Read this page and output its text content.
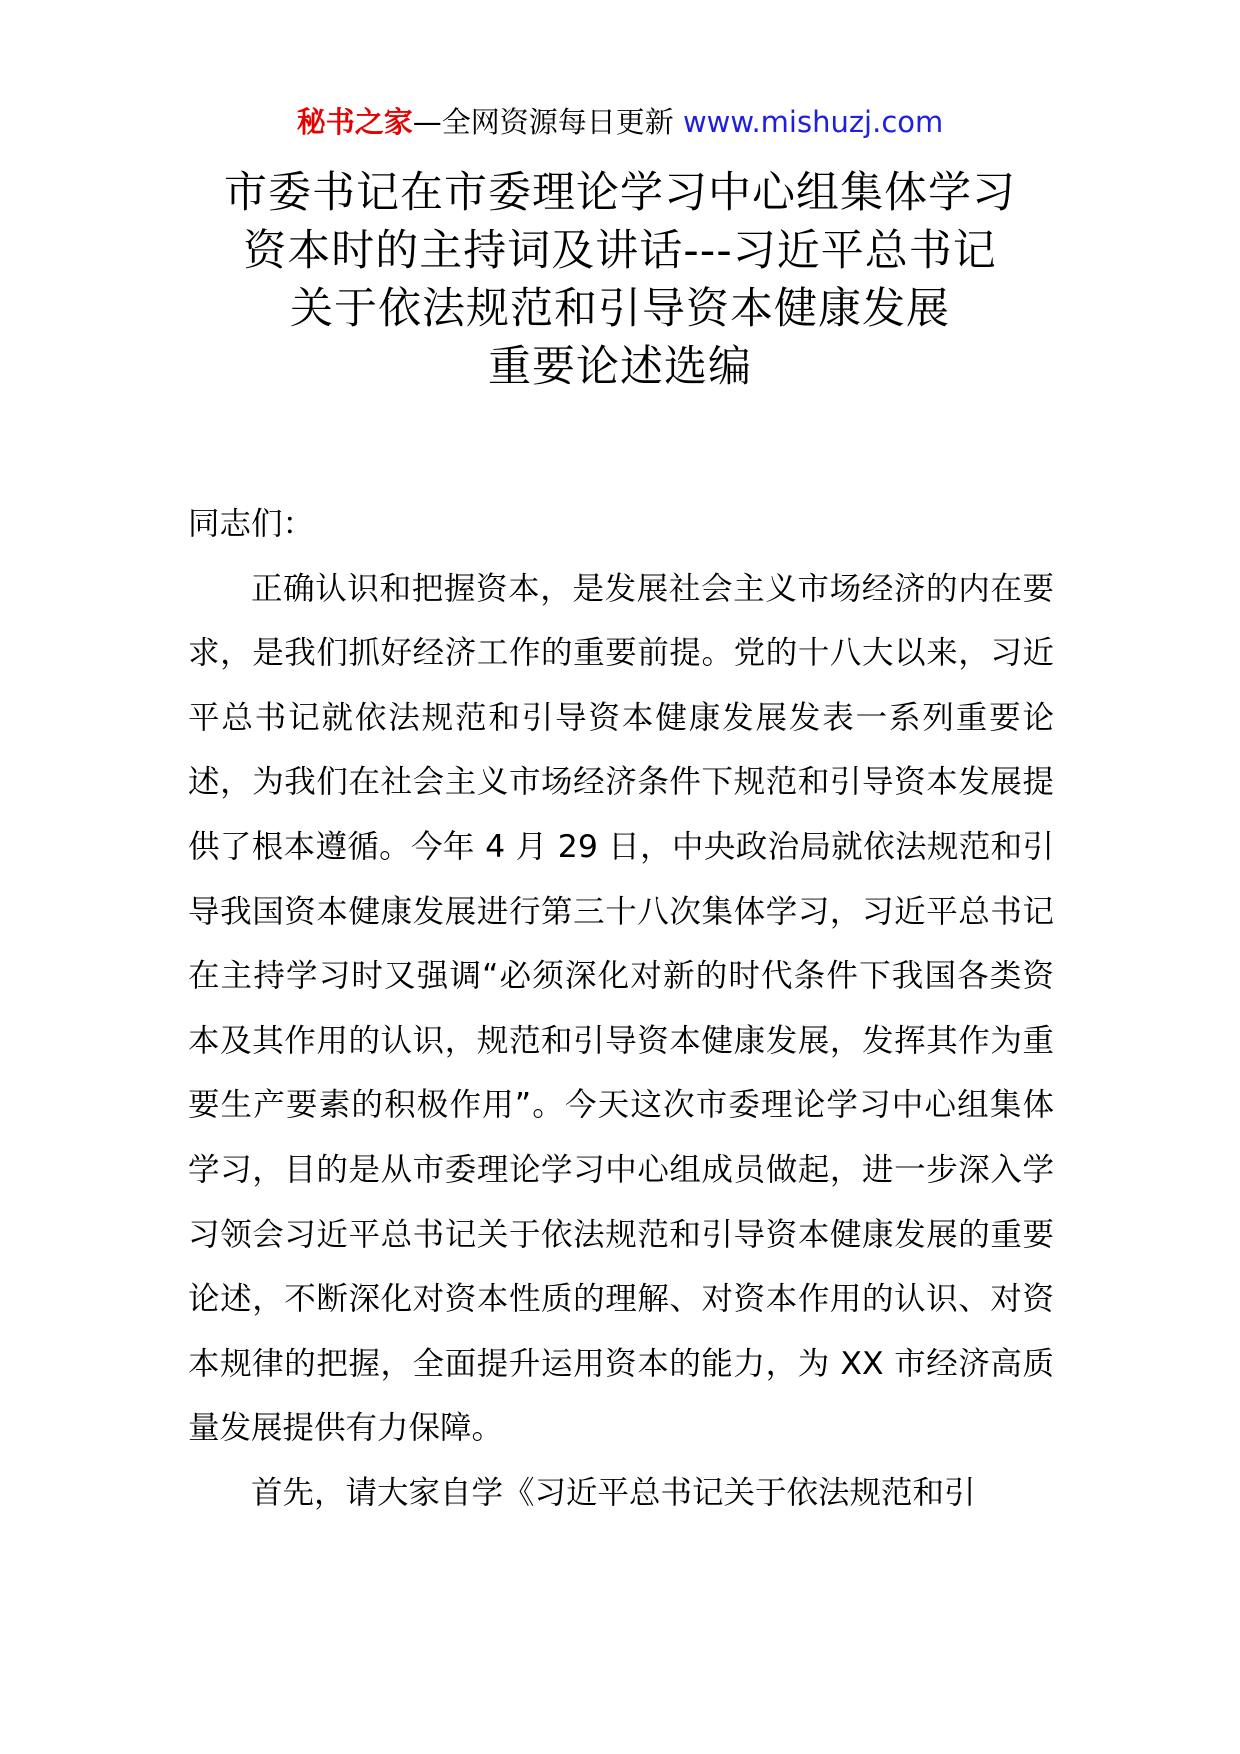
秘书之家—全网资源每日更新 www.mishuzj.com
市委书记在市委理论学习中心组集体学习
资本时的主持词及讲话---习近平总书记
关于依法规范和引导资本健康发展
重要论述选编

同志们：

正确认识和把握资本，是发展社会主义市场经济的内在要求，是我们抓好经济工作的重要前提。党的十八大以来，习近平总书记就依法规范和引导资本健康发展发表一系列重要论述，为我们在社会主义市场经济条件下规范和引导资本发展提供了根本遵循。今年 4 月 29 日，中央政治局就依法规范和引导我国资本健康发展进行第三十八次集体学习，习近平总书记在主持学习时又强调“必须深化对新的时代条件下我国各类资本及其作用的认识，规范和引导资本健康发展，发挥其作为重要生产要素的积极作用”。今天这次市委理论学习中心组集体学习，目的是从市委理论学习中心组成员做起，进一步深入学习领会习近平总书记关于依法规范和引导资本健康发展的重要论述，不断深化对资本性质的理解、对资本作用的认识、对资本规律的把握，全面提升运用资本的能力，为 XX 市经济高质量发展提供有力保障。

首先，请大家自学《习近平总书记关于依法规范和引
